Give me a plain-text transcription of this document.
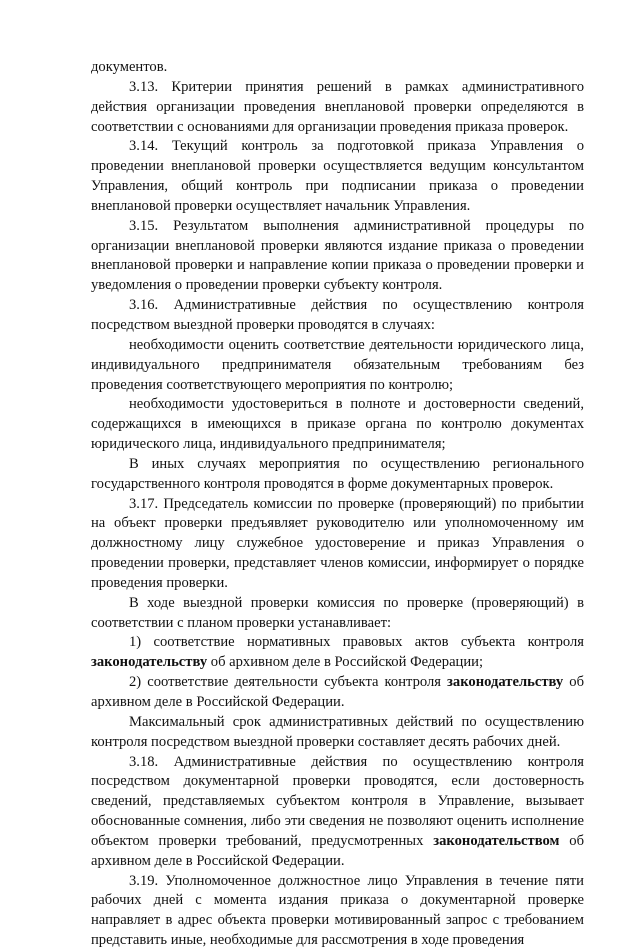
документов.

3.13. Критерии принятия решений в рамках административного действия организации проведения внеплановой проверки определяются в соответствии с основаниями для организации проведения приказа проверок.

3.14. Текущий контроль за подготовкой приказа Управления о проведении внеплановой проверки осуществляется ведущим консультантом Управления, общий контроль при подписании приказа о проведении внеплановой проверки осуществляет начальник Управления.

3.15. Результатом выполнения административной процедуры по организации внеплановой проверки являются издание приказа о проведении внеплановой проверки и направление копии приказа о проведении проверки и уведомления о проведении проверки субъекту контроля.

3.16. Административные действия по осуществлению контроля посредством выездной проверки проводятся в случаях:

необходимости оценить соответствие деятельности юридического лица, индивидуального предпринимателя обязательным требованиям без проведения соответствующего мероприятия по контролю;

необходимости удостовериться в полноте и достоверности сведений, содержащихся в имеющихся в приказе органа по контролю документах юридического лица, индивидуального предпринимателя;

В иных случаях мероприятия по осуществлению регионального государственного контроля проводятся в форме документарных проверок.

3.17. Председатель комиссии по проверке (проверяющий) по прибытии на объект проверки предъявляет руководителю или уполномоченному им должностному лицу служебное удостоверение и приказ Управления о проведении проверки, представляет членов комиссии, информирует о порядке проведения проверки.

В ходе выездной проверки комиссия по проверке (проверяющий) в соответствии с планом проверки устанавливает:

1) соответствие нормативных правовых актов субъекта контроля законодательству об архивном деле в Российской Федерации;

2) соответствие деятельности субъекта контроля законодательству об архивном деле в Российской Федерации.

Максимальный срок административных действий по осуществлению контроля посредством выездной проверки составляет десять рабочих дней.

3.18. Административные действия по осуществлению контроля посредством документарной проверки проводятся, если достоверность сведений, представляемых субъектом контроля в Управление, вызывает обоснованные сомнения, либо эти сведения не позволяют оценить исполнение объектом проверки требований, предусмотренных законодательством об архивном деле в Российской Федерации.

3.19. Уполномоченное должностное лицо Управления в течение пяти рабочих дней с момента издания приказа о документарной проверке направляет в адрес объекта проверки мотивированный запрос с требованием представить иные, необходимые для рассмотрения в ходе проведения
